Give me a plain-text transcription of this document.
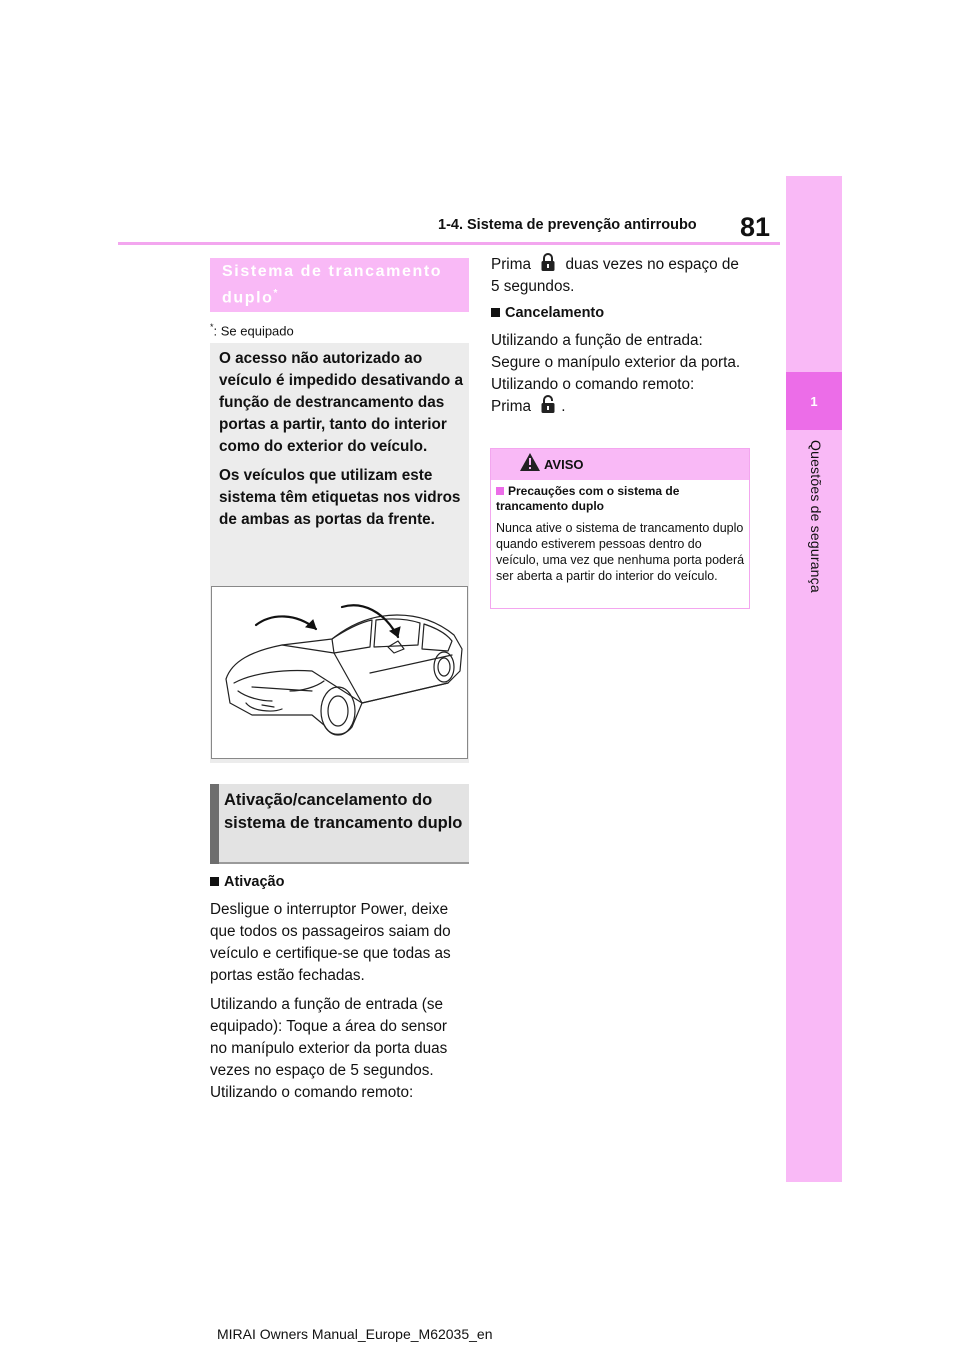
1-4. Sistema de prevenção antirroubo 81
1
Questões de segurança
Sistema de trancamento duplo*
*: Se equipado

O acesso não autorizado ao veículo é impedido desativando a função de destrancamento das portas a partir, tanto do interior como do exterior do veículo.

Os veículos que utilizam este sistema têm etiquetas nos vidros de ambas as portas da frente.

Ativação/cancelamento do sistema de trancamento duplo
Ativação

Desligue o interruptor Power, deixe que todos os passageiros saiam do veículo e certifique-se que todas as portas estão fechadas.

Utilizando a função de entrada (se equipado): Toque a área do sensor no manípulo exterior da porta duas vezes no espaço de 5 segundos.
Utilizando o comando remoto:

Prima duas vezes no espaço de 5 segundos.
Cancelamento
Utilizando a função de entrada:
Segure o manípulo exterior da porta.
Utilizando o comando remoto:
Prima .
AVISO
Precauções com o sistema de trancamento duplo
Nunca ative o sistema de trancamento duplo quando estiverem pessoas dentro do veículo, uma vez que nenhuma porta poderá ser aberta a partir do interior do veículo.
MIRAI Owners Manual_Europe_M62035_en
